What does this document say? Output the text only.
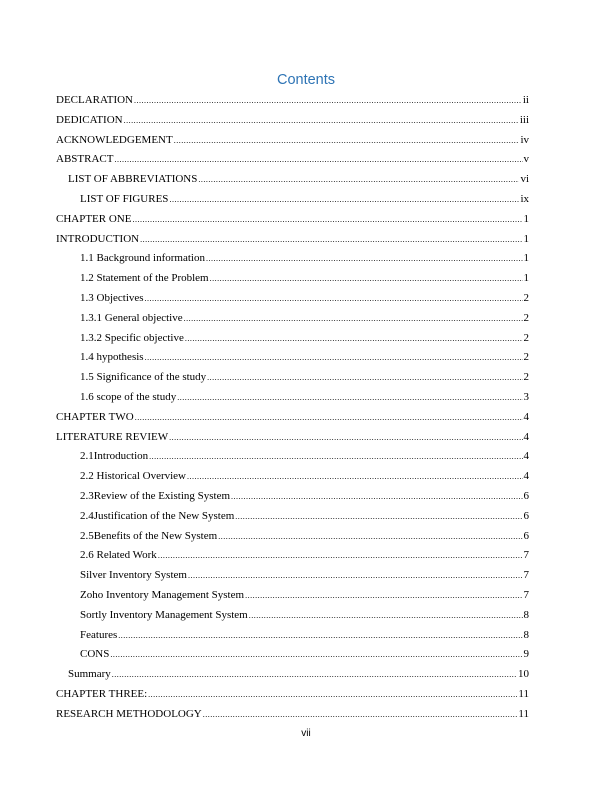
Contents
DECLARATION .....	ii
DEDICATION .....	iii
ACKNOWLEDGEMENT .....	iv
ABSTRACT .....	v
LIST OF ABBREVIATIONS .....	vi
LIST OF FIGURES .....	ix
CHAPTER ONE .....	1
INTRODUCTION .....	1
1.1 Background information .....	1
1.2 Statement of the Problem .....	1
1.3 Objectives .....	2
1.3.1 General objective .....	2
1.3.2 Specific objective .....	2
1.4 hypothesis .....	2
1.5 Significance of the study .....	2
1.6 scope of the study .....	3
CHAPTER TWO .....	4
LITERATURE REVIEW .....	4
2.1Introduction .....	4
2.2 Historical Overview .....	4
2.3Review of the Existing System .....	6
2.4Justification of the New System .....	6
2.5Benefits of the New System .....	6
2.6 Related Work .....	7
Silver Inventory System .....	7
Zoho Inventory Management System .....	7
Sortly Inventory Management System .....	8
Features .....	8
CONS .....	9
Summary .....	10
CHAPTER THREE: .....	11
RESEARCH METHODOLOGY .....	11
vii
